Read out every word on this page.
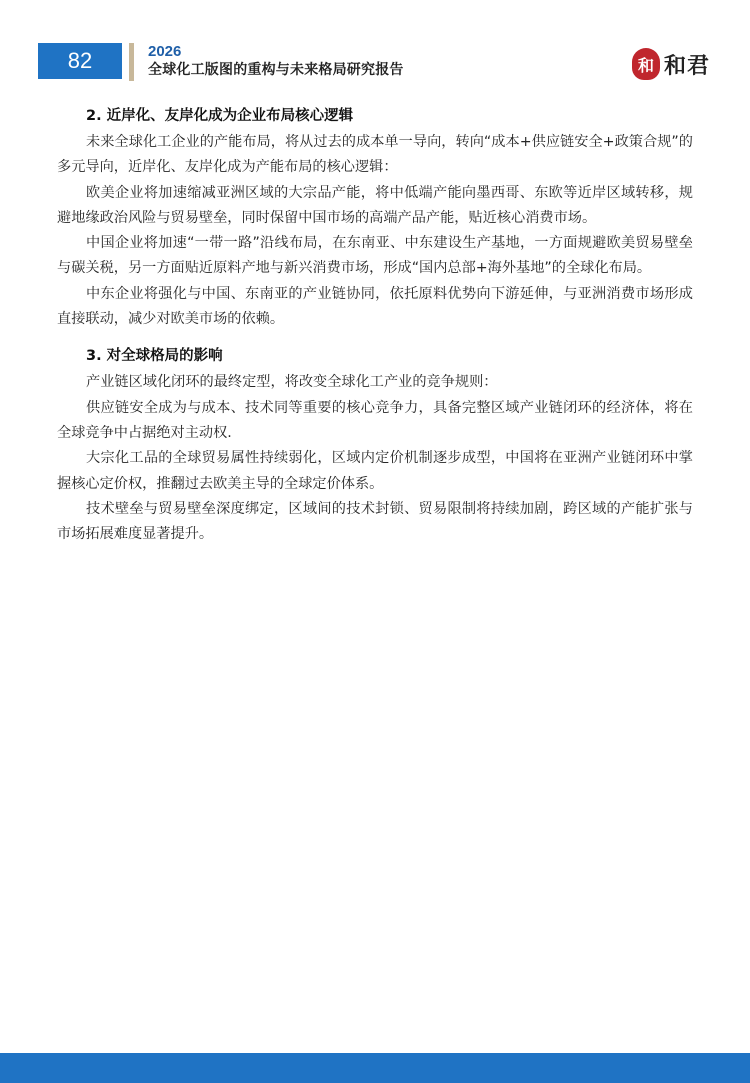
82	2026
全球化工版图的重构与未来格局研究报告	和 和君
2. 近岸化、友岸化成为企业布局核心逻辑

未来全球化工企业的产能布局，将从过去的成本单一导向，转向“成本+供应链安全+政策合规”的多元导向，近岸化、友岸化成为产能布局的核心逻辑：

欧美企业将加速缩减亚洲区域的大宗品产能，将中低端产能向墨西哥、东欧等近岸区域转移，规避地缘政治风险与贸易壁垒，同时保留中国市场的高端产品产能，贴近核心消费市场。

中国企业将加速“一带一路”沿线布局，在东南亚、中东建设生产基地，一方面规避欧美贸易壁垒与碳关税，另一方面贴近原料产地与新兴消费市场，形成“国内总部+海外基地”的全球化布局。

中东企业将强化与中国、东南亚的产业链协同，依托原料优势向下游延伸，与亚洲消费市场形成直接联动，减少对欧美市场的依赖。

3. 对全球格局的影响

产业链区域化闭环的最终定型，将改变全球化工产业的竞争规则：

供应链安全成为与成本、技术同等重要的核心竞争力，具备完整区域产业链闭环的经济体，将在全球竞争中占据绝对主动权.

大宗化工品的全球贸易属性持续弱化，区域内定价机制逐步成型，中国将在亚洲产业链闭环中掌握核心定价权，推翻过去欧美主导的全球定价体系。

技术壁垒与贸易壁垒深度绑定，区域间的技术封锁、贸易限制将持续加剧，跨区域的产能扩张与市场拓展难度显著提升。
